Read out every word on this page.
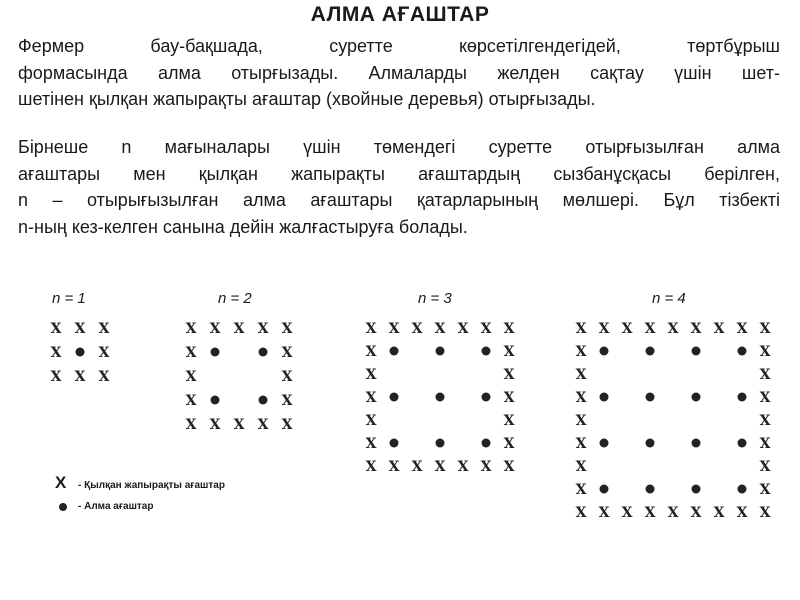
АЛМА АҒАШТАР

Фермер бау-бақшада, суретте көрсетілгендегідей, төртбұрыш
формасында алма отырғызады. Алмаларды желден сақтау үшін шет-
шетінен қылқан жапырақты ағаштар (хвойные деревья) отырғызады.

Бірнеше n мағыналары үшін төмендегі суретте отырғызылған алма
ағаштары мен қылқан жапырақты ағаштардың сызбанұсқасы берілген,
n – отырығызылған алма ағаштары қатарларының мөлшері. Бұл тізбекті
n-ның кез-келген санына дейін жалғастыруға болады.

n = 1	n = 2	n = 3	n = 4
X X X
X	X
X X X
X X X X X
X	X
X	X
X	X
X X X X X
X X X X X X X
X	X
X	X
X	X
X	X
X	X
X X X X X X X
X X X X X X X X X
X	X
X	X
X	X
X	X
X	X
X	X
X	X
X X X X X X X X X
X - Қылқан жапырақты ағаштар
- Алма ағаштар
